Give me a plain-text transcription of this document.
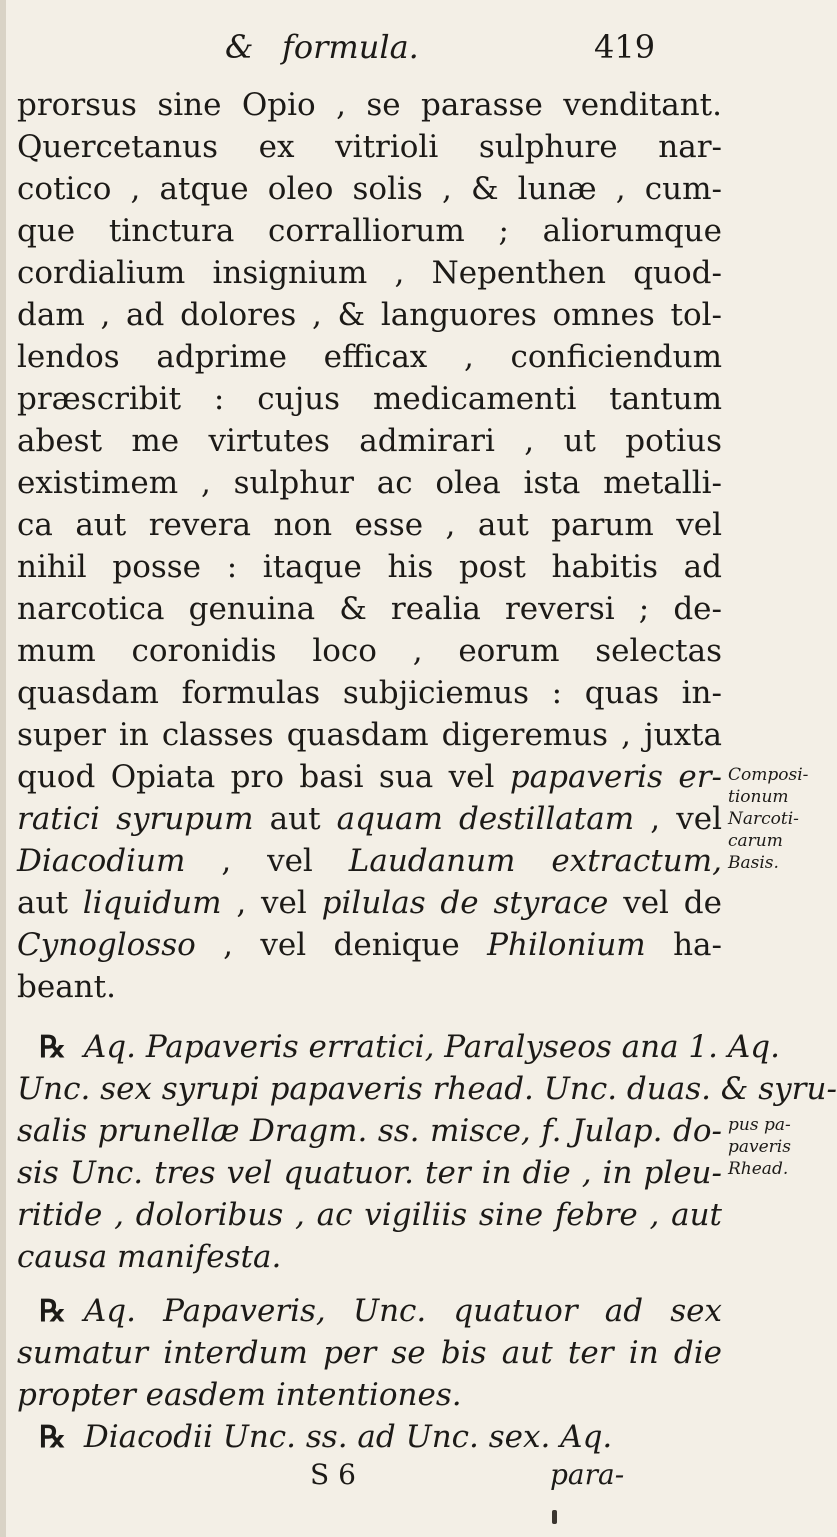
& formula.	419
prorsus sine Opio , se parasse venditant.
Quercetanus ex vitrioli sulphure nar-
cotico , atque oleo solis , & lunæ , cum-
que tinctura corralliorum ; aliorumque
cordialium insignium , Nepenthen quod-
dam , ad dolores , & languores omnes tol-
lendos adprime efficax , conficiendum
præscribit : cujus medicamenti tantum
abest me virtutes admirari , ut potius
existimem , sulphur ac olea ista metalli-
ca aut revera non esse , aut parum vel
nihil posse : itaque his post habitis ad
narcotica genuina & realia reversi ; de-
mum coronidis loco , eorum selectas
quasdam formulas subjiciemus : quas in-
super in classes quasdam digeremus , juxta
quod Opiata pro basi sua vel papaveris er-
ratici syrupum aut aquam destillatam , vel
Diacodium , vel Laudanum extractum,
aut liquidum , vel pilulas de styrace vel de
Cynoglosso , vel denique Philonium ha-
beant.
℞ Aq. Papaveris erratici, Paralyseos ana 1. Aq.
Unc. sex syrupi papaveris rhead. Unc. duas. & syru-
salis prunellæ Dragm. ss. misce, f. Julap. do-
sis Unc. tres vel quatuor. ter in die , in pleu-
ritide , doloribus , ac vigiliis sine febre , aut
causa manifesta.
℞ Aq. Papaveris, Unc. quatuor ad sex
sumatur interdum per se bis aut ter in die
propter easdem intentiones.
℞ Diacodii Unc. ss. ad Unc. sex. Aq.
Composi-
tionum
Narcoti-
carum
Basis.
pus pa-
paveris
Rhead.
S 6	para-
